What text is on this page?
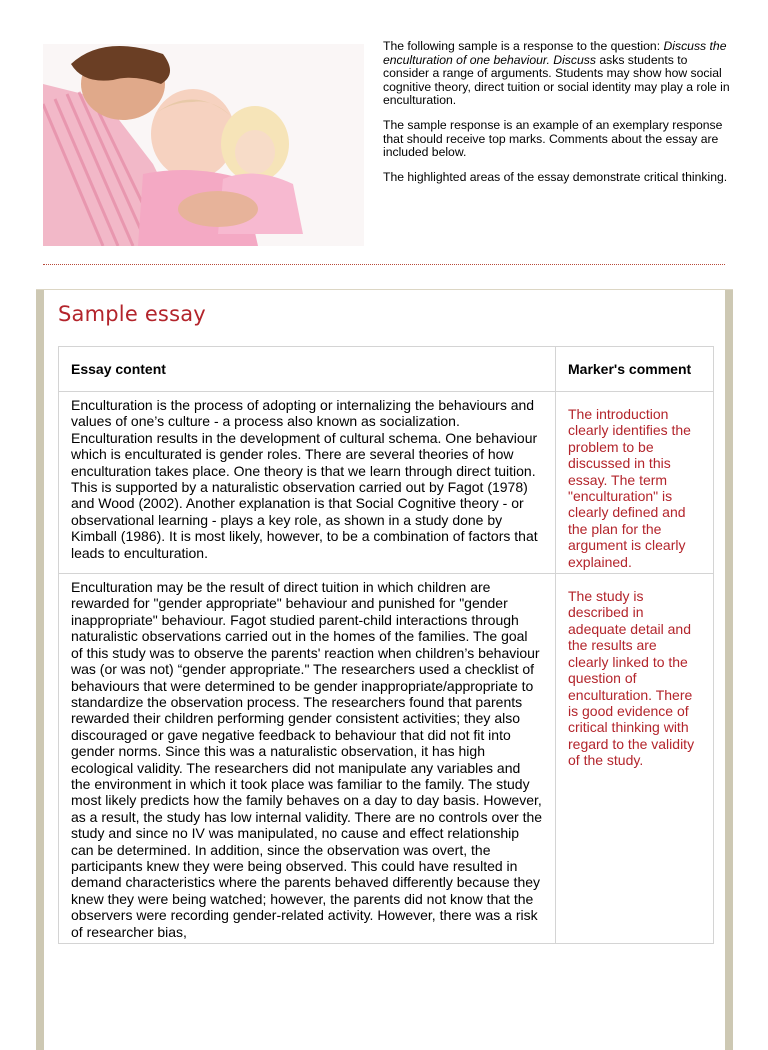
The following sample is a response to the question: Discuss the enculturation of one behaviour. Discuss asks students to consider a range of arguments. Students may show how social cognitive theory, direct tuition or social identity may play a role in enculturation.

The sample response is an example of an exemplary response that should receive top marks. Comments about the essay are included below.

The highlighted areas of the essay demonstrate critical thinking.

Sample essay
Essay content	Marker's comment
Enculturation is the process of adopting or internalizing the behaviours and values of one’s culture - a process also known as socialization. Enculturation results in the development of cultural schema. One behaviour which is enculturated is gender roles. There are several theories of how enculturation takes place. One theory is that we learn through direct tuition. This is supported by a naturalistic observation carried out by Fagot (1978) and Wood (2002). Another explanation is that Social Cognitive theory - or observational learning - plays a key role, as shown in a study done by Kimball (1986). It is most likely, however, to be a combination of factors that leads to enculturation.	The introduction clearly identifies the problem to be discussed in this essay. The term "enculturation" is clearly defined and the plan for the argument is clearly explained.
Enculturation may be the result of direct tuition in which children are rewarded for "gender appropriate" behaviour and punished for "gender inappropriate" behaviour. Fagot studied parent-child interactions through naturalistic observations carried out in the homes of the families. The goal of this study was to observe the parents' reaction when children’s behaviour was (or was not) “gender appropriate." The researchers used a checklist of behaviours that were determined to be gender inappropriate/appropriate to standardize the observation process. The researchers found that parents rewarded their children performing gender consistent activities; they also discouraged or gave negative feedback to behaviour that did not fit into gender norms. Since this was a naturalistic observation, it has high ecological validity. The researchers did not manipulate any variables and the environment in which it took place was familiar to the family. The study most likely predicts how the family behaves on a day to day basis. However, as a result, the study has low internal validity. There are no controls over the study and since no IV was manipulated, no cause and effect relationship can be determined. In addition, since the observation was overt, the participants knew they were being observed. This could have resulted in demand characteristics where the parents behaved differently because they knew they were being watched; however, the parents did not know that the observers were recording gender-related activity. However, there was a risk of researcher bias,	The study is described in adequate detail and the results are clearly linked to the question of enculturation. There is good evidence of critical thinking with regard to the validity of the study.
